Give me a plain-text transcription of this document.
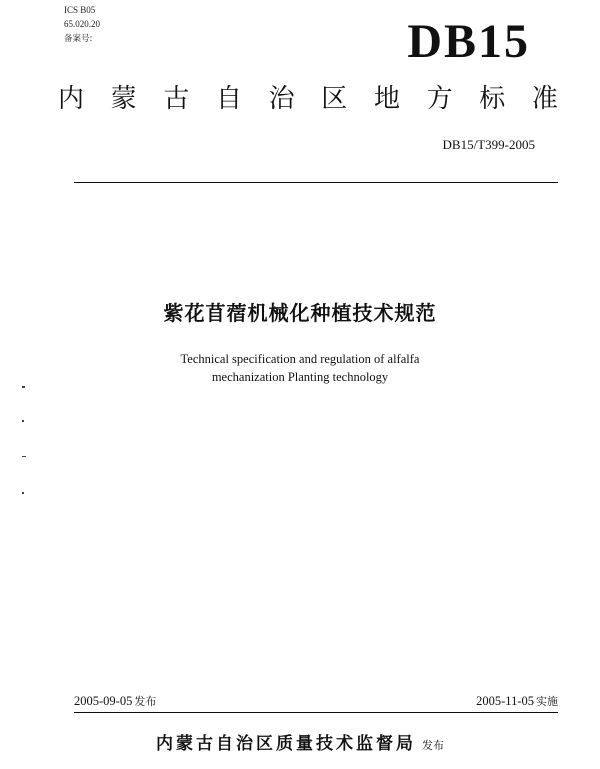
ICS B05
65.020.20
备案号:	DB15
内 蒙 古 自 治 区 地 方 标 准
DB15/T399-2005
紫花苜蓿机械化种植技术规范
Technical specification and regulation of alfalfa
mechanization Planting technology
2005-09-05 发布	2005-11-05 实施
内蒙古自治区质量技术监督局 发布
